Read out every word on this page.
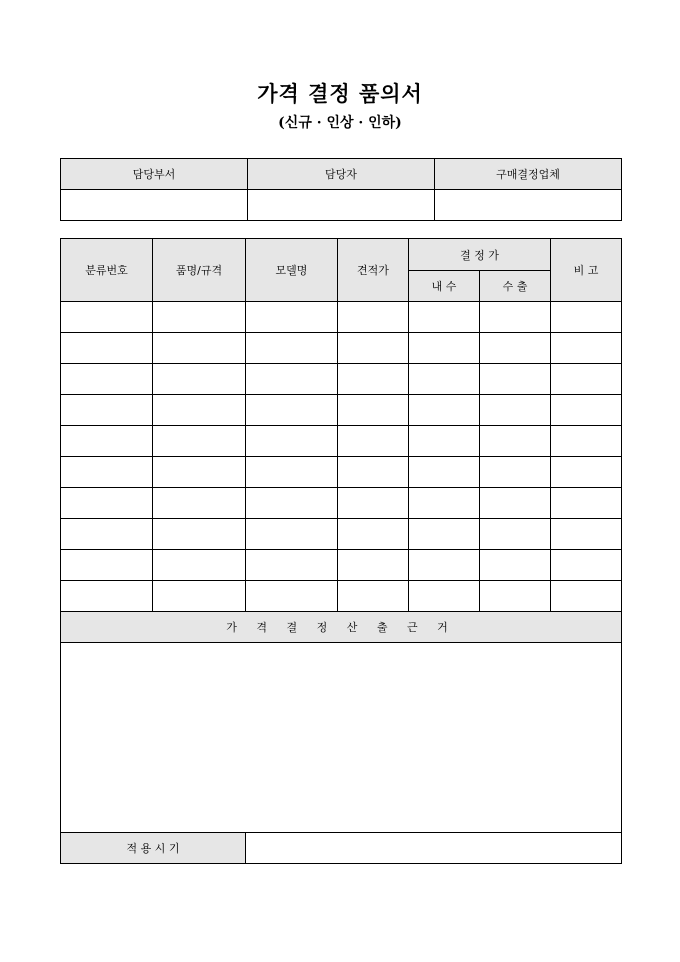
가격 결정 품의서
(신규 · 인상 · 인하)
담당부서	담당자	구매결정업체

분류번호	품명/규격	모델명	견적가	결 정 가		비 고
				내 수	수 출	

가 격 결 정 산 출 근 거						

적 용 시 기						
